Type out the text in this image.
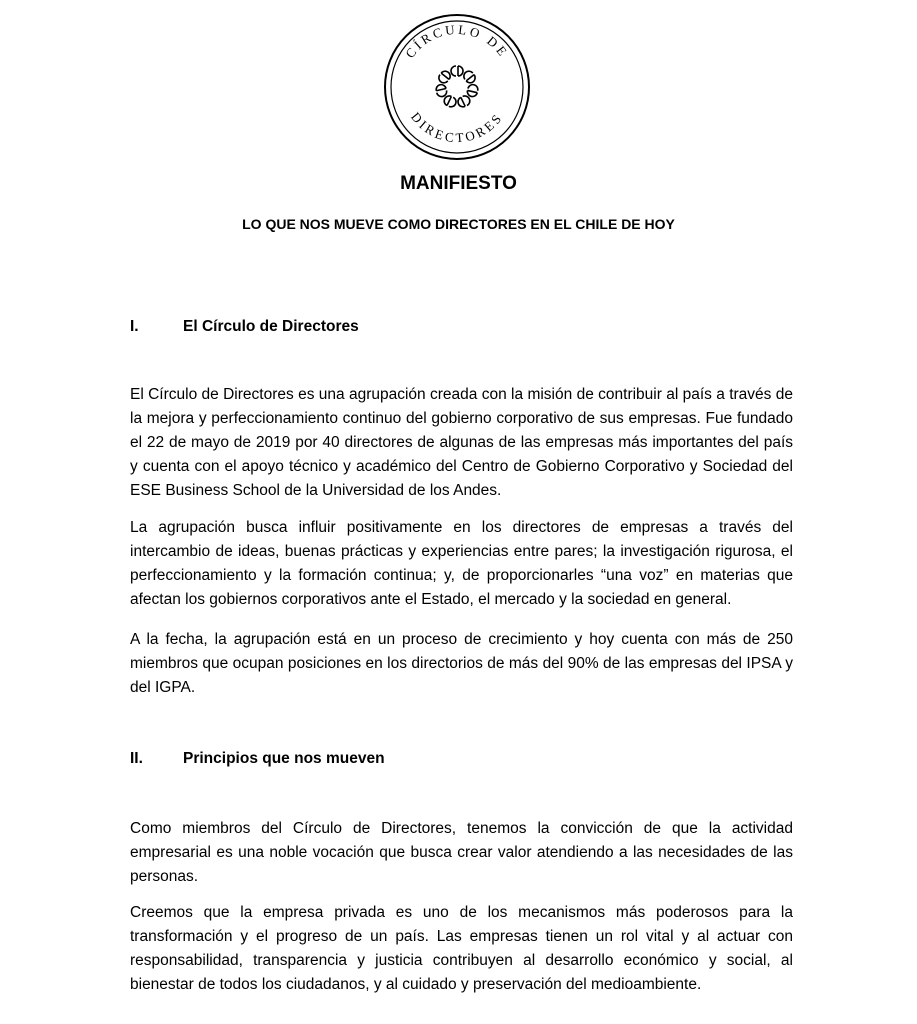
CÍRCULO DE
DIRECTORES
MANIFIESTO
LO QUE NOS MUEVE COMO DIRECTORES EN EL CHILE DE HOY
I.	El Círculo de Directores

El Círculo de Directores es una agrupación creada con la misión de contribuir al país a través de la mejora y perfeccionamiento continuo del gobierno corporativo de sus empresas. Fue fundado el 22 de mayo de 2019 por 40 directores de algunas de las empresas más importantes del país y cuenta con el apoyo técnico y académico del Centro de Gobierno Corporativo y Sociedad del ESE Business School de la Universidad de los Andes.

La agrupación busca influir positivamente en los directores de empresas a través del intercambio de ideas, buenas prácticas y experiencias entre pares; la investigación rigurosa, el perfeccionamiento y la formación continua; y, de proporcionarles “una voz” en materias que afectan los gobiernos corporativos ante el Estado, el mercado y la sociedad en general.

A la fecha, la agrupación está en un proceso de crecimiento y hoy cuenta con más de 250 miembros que ocupan posiciones en los directorios de más del 90% de las empresas del IPSA y del IGPA.

II.	Principios que nos mueven

Como miembros del Círculo de Directores, tenemos la convicción de que la actividad empresarial es una noble vocación que busca crear valor atendiendo a las necesidades de las personas.

Creemos que la empresa privada es uno de los mecanismos más poderosos para la transformación y el progreso de un país. Las empresas tienen un rol vital y al actuar con responsabilidad, transparencia y justicia contribuyen al desarrollo económico y social, al bienestar de todos los ciudadanos, y al cuidado y preservación del medioambiente.
